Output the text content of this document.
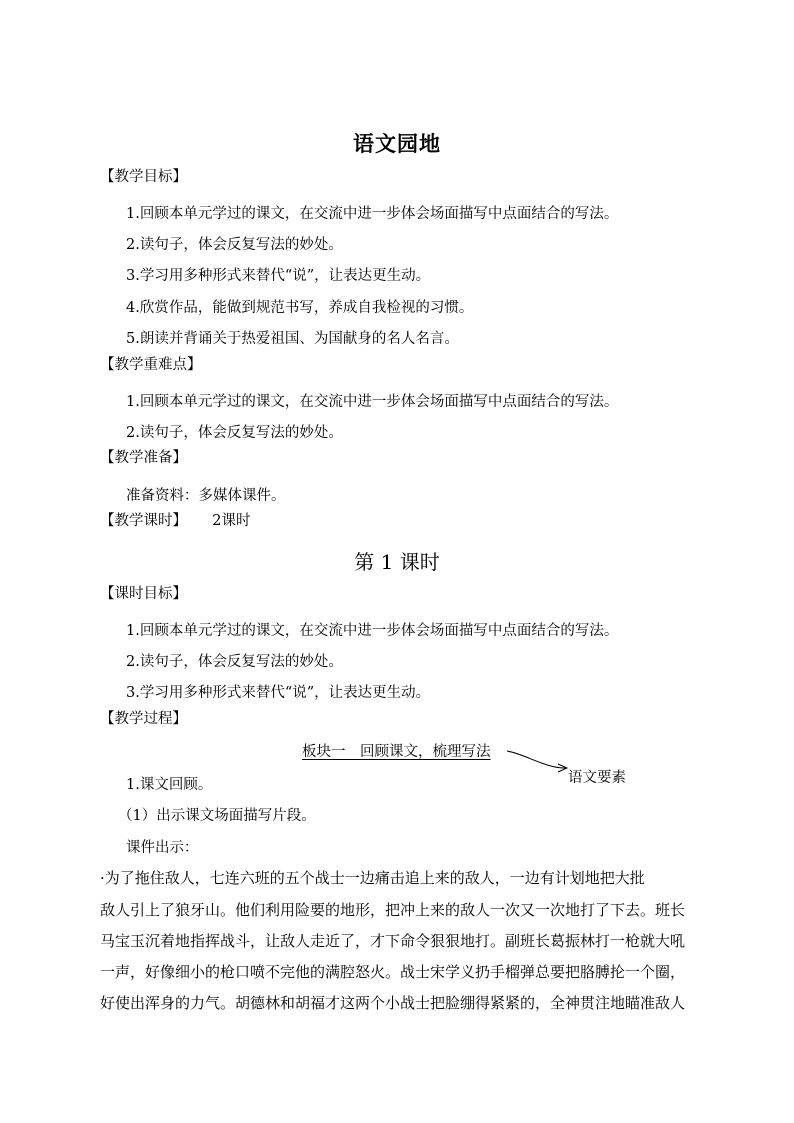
语文园地
【教学目标】
1.回顾本单元学过的课文，在交流中进一步体会场面描写中点面结合的写法。
2.读句子，体会反复写法的妙处。
3.学习用多种形式来替代“说”，让表达更生动。
4.欣赏作品，能做到规范书写，养成自我检视的习惯。
5.朗读并背诵关于热爱祖国、为国献身的名人名言。
【教学重难点】
1.回顾本单元学过的课文，在交流中进一步体会场面描写中点面结合的写法。
2.读句子，体会反复写法的妙处。
【教学准备】
准备资料：多媒体课件。
【教学课时】 2课时
第 1 课时
【课时目标】
1.回顾本单元学过的课文，在交流中进一步体会场面描写中点面结合的写法。
2.读句子，体会反复写法的妙处。
3.学习用多种形式来替代“说”，让表达更生动。
【教学过程】
板块一　回顾课文，梳理写法
语文要素
1.课文回顾。
（1）出示课文场面描写片段。
课件出示：
·为了拖住敌人，七连六班的五个战士一边痛击追上来的敌人，一边有计划地把大批
敌人引上了狼牙山。他们利用险要的地形，把冲上来的敌人一次又一次地打了下去。班长
马宝玉沉着地指挥战斗，让敌人走近了，才下命令狠狠地打。副班长葛振林打一枪就大吼
一声，好像细小的枪口喷不完他的满腔怒火。战士宋学义扔手榴弹总要把胳膊抡一个圈，
好使出浑身的力气。胡德林和胡福才这两个小战士把脸绷得紧紧的，全神贯注地瞄准敌人
